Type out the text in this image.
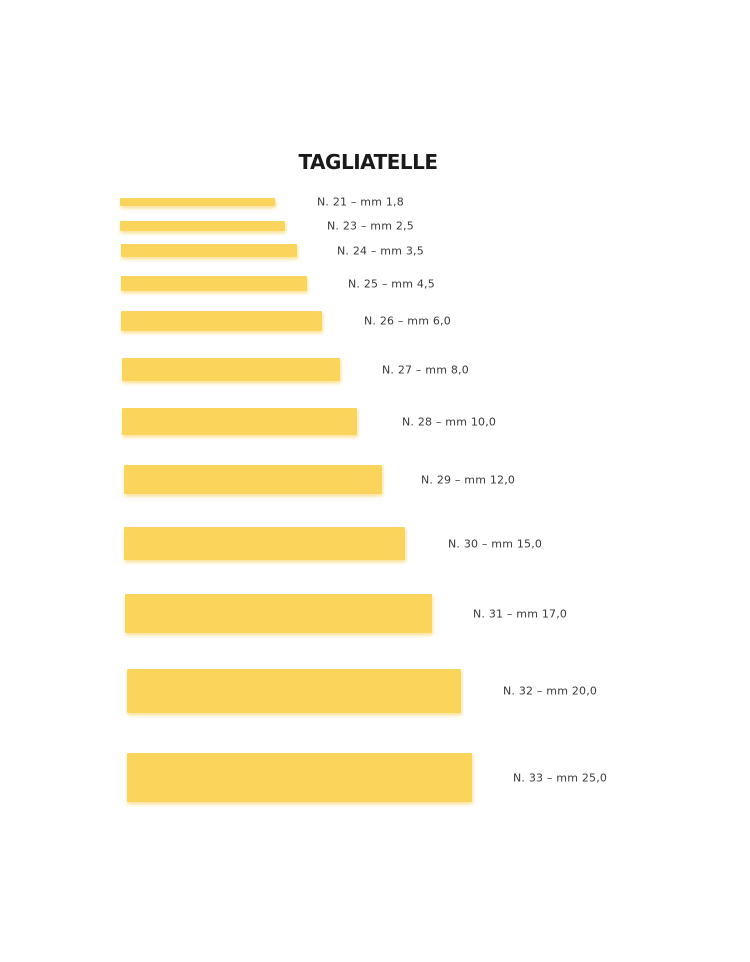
TAGLIATELLE
N. 21 – mm 1,8
N. 23 – mm 2,5
N. 24 – mm 3,5
N. 25 – mm 4,5
N. 26 – mm 6,0
N. 27 – mm 8,0
N. 28 – mm 10,0
N. 29 – mm 12,0
N. 30 – mm 15,0
N. 31 – mm 17,0
N. 32 – mm 20,0
N. 33 – mm 25,0
